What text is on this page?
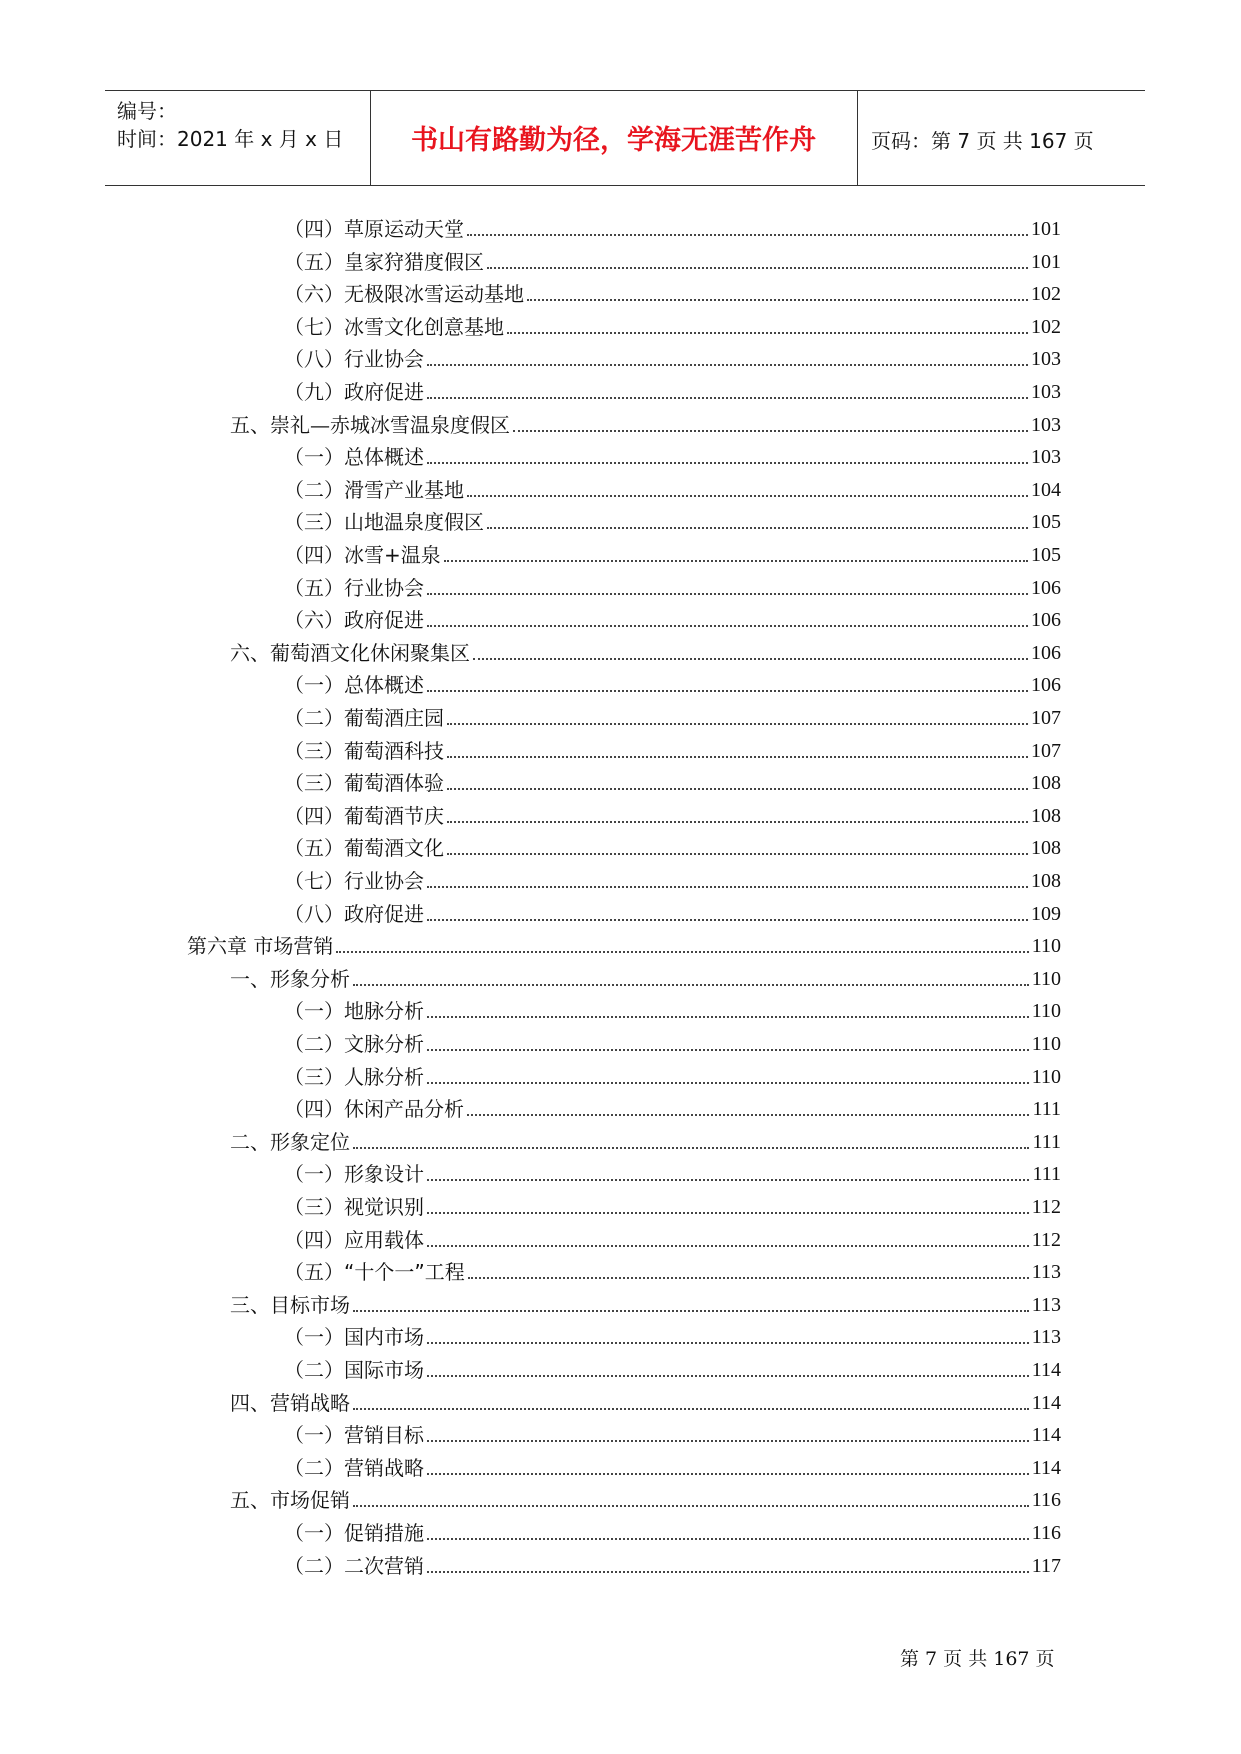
编号：
时间：2021 年 x 月 x 日	书山有路勤为径，学海无涯苦作舟	页码：第 7 页 共 167 页
（四）草原运动天堂	101
（五）皇家狩猎度假区	101
（六）无极限冰雪运动基地	102
（七）冰雪文化创意基地	102
（八）行业协会	103
（九）政府促进	103
五、崇礼—赤城冰雪温泉度假区	103
（一）总体概述	103
（二）滑雪产业基地	104
（三）山地温泉度假区	105
（四）冰雪+温泉	105
（五）行业协会	106
（六）政府促进	106
六、葡萄酒文化休闲聚集区	106
（一）总体概述	106
（二）葡萄酒庄园	107
（三）葡萄酒科技	107
（三）葡萄酒体验	108
（四）葡萄酒节庆	108
（五）葡萄酒文化	108
（七）行业协会	108
（八）政府促进	109
第六章 市场营销	110
一、形象分析	110
（一）地脉分析	110
（二）文脉分析	110
（三）人脉分析	110
（四）休闲产品分析	111
二、形象定位	111
（一）形象设计	111
（三）视觉识别	112
（四）应用载体	112
（五）“十个一”工程	113
三、目标市场	113
（一）国内市场	113
（二）国际市场	114
四、营销战略	114
（一）营销目标	114
（二）营销战略	114
五、市场促销	116
（一）促销措施	116
（二）二次营销	117
第 7 页 共 167 页
